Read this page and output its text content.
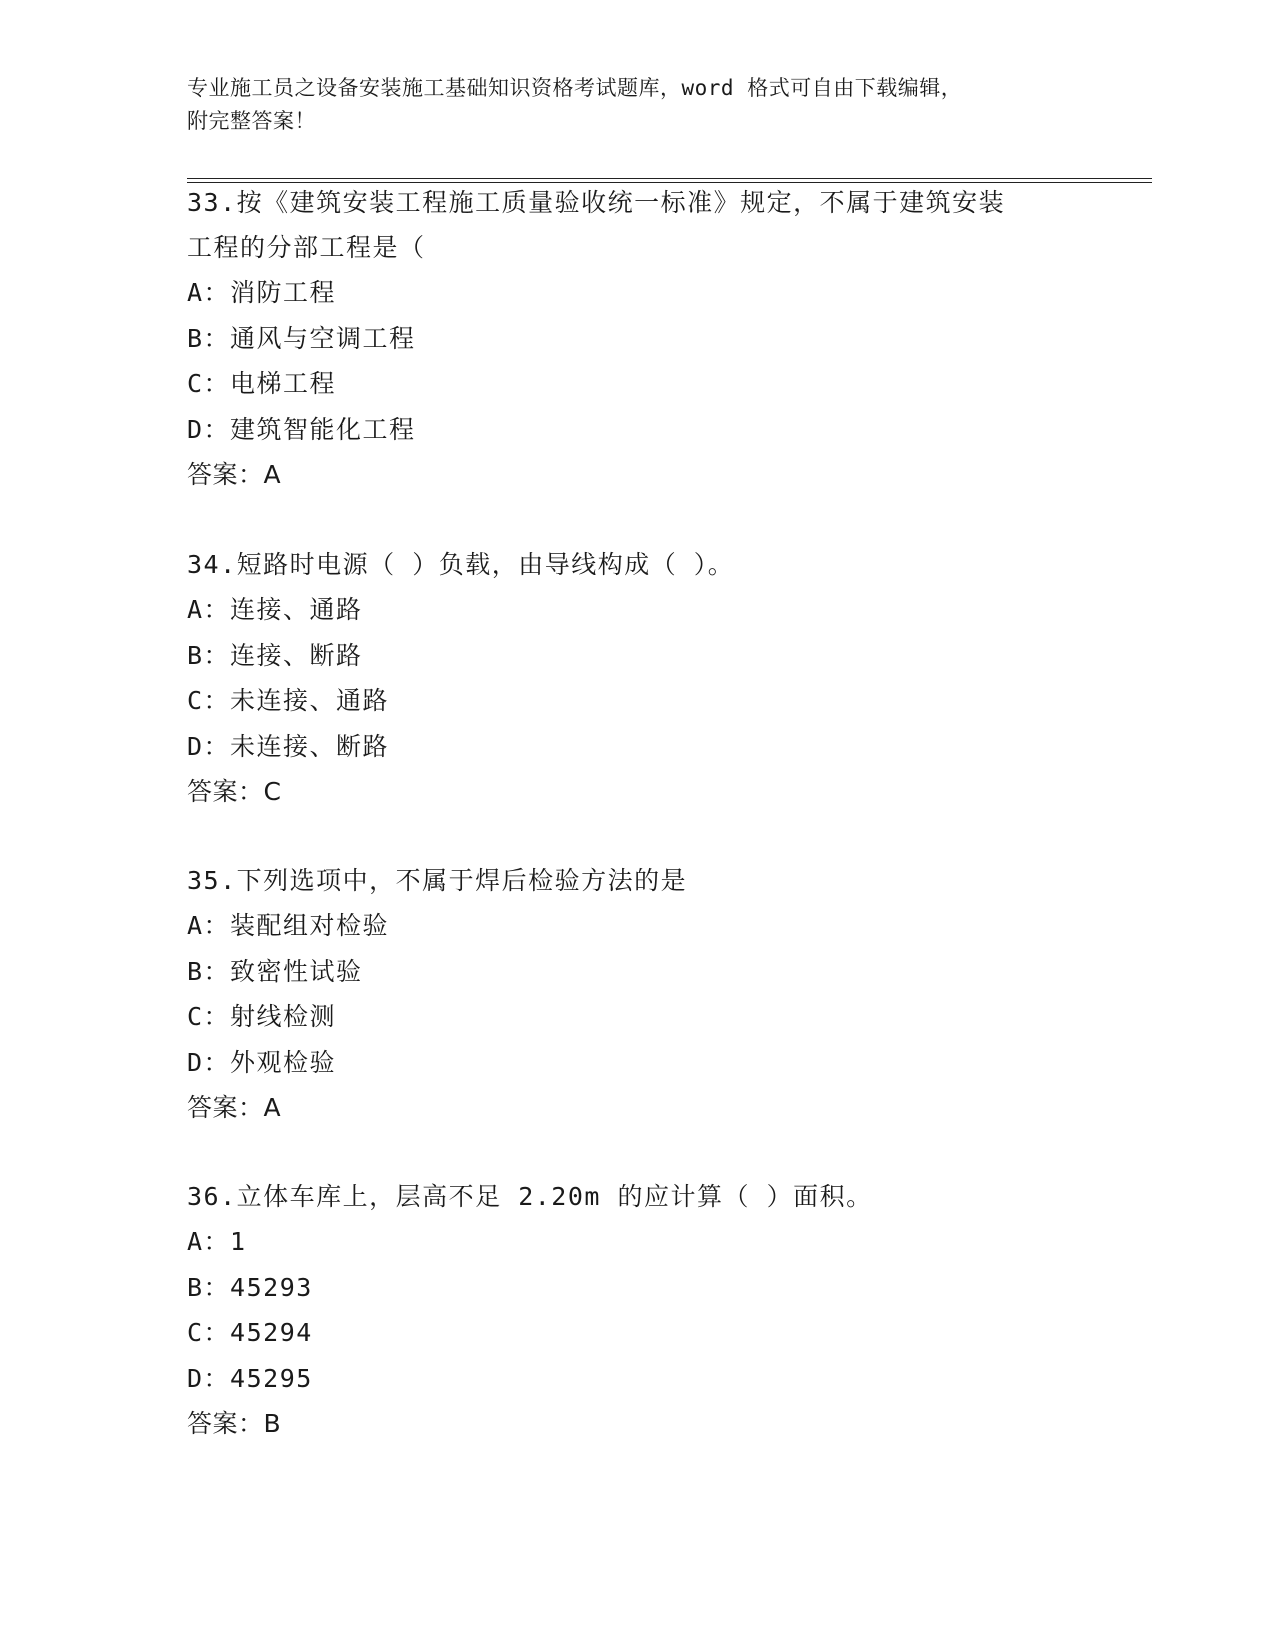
专业施工员之设备安装施工基础知识资格考试题库，word 格式可自由下载编辑，
附完整答案！
33.按《建筑安装工程施工质量验收统一标准》规定，不属于建筑安装
工程的分部工程是（
A：消防工程
B：通风与空调工程
C：电梯工程
D：建筑智能化工程
答案：A
34.短路时电源（ ）负载，由导线构成（ ）。
A：连接、通路
B：连接、断路
C：未连接、通路
D：未连接、断路
答案：C
35.下列选项中，不属于焊后检验方法的是
A：装配组对检验
B：致密性试验
C：射线检测
D：外观检验
答案：A
36.立体车库上，层高不足 2.20m 的应计算（ ）面积。
A：1
B：45293
C：45294
D：45295
答案：B
